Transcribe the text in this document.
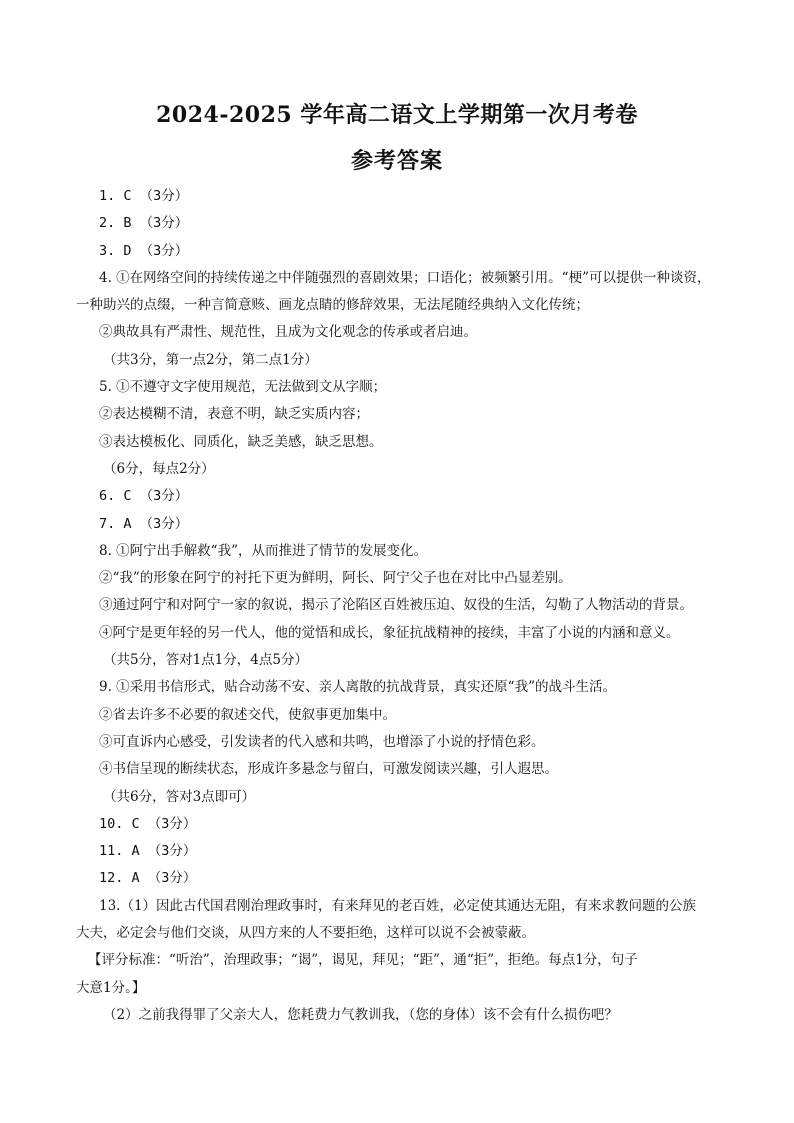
2024-2025 学年高二语文上学期第一次月考卷
参考答案
1. C （3分）
2. B （3分）
3. D （3分）
4. ①在网络空间的持续传递之中伴随强烈的喜剧效果；口语化；被频繁引用。“梗”可以提供一种谈资，
一种助兴的点缀，一种言简意赅、画龙点睛的修辞效果，无法尾随经典纳入文化传统；
②典故具有严肃性、规范性，且成为文化观念的传承或者启迪。
（共3分，第一点2分，第二点1分）
5. ①不遵守文字使用规范，无法做到文从字顺；
②表达模糊不清，表意不明，缺乏实质内容；
③表达模板化、同质化，缺乏美感，缺乏思想。
（6分，每点2分）
6. C （3分）
7. A （3分）
8. ①阿宁出手解救“我”，从而推进了情节的发展变化。
②“我”的形象在阿宁的衬托下更为鲜明，阿长、阿宁父子也在对比中凸显差别。
③通过阿宁和对阿宁一家的叙说，揭示了沦陷区百姓被压迫、奴役的生活，勾勒了人物活动的背景。
④阿宁是更年轻的另一代人，他的觉悟和成长，象征抗战精神的接续，丰富了小说的内涵和意义。
（共5分，答对1点1分，4点5分）
9. ①采用书信形式，贴合动荡不安、亲人离散的抗战背景，真实还原“我”的战斗生活。
②省去许多不必要的叙述交代，使叙事更加集中。
③可直诉内心感受，引发读者的代入感和共鸣，也增添了小说的抒情色彩。
④书信呈现的断续状态，形成许多悬念与留白，可激发阅读兴趣，引人遐思。
（共6分，答对3点即可）
10. C （3分）
11. A （3分）
12. A （3分）
13.（1）因此古代国君刚治理政事时，有来拜见的老百姓，必定使其通达无阻，有来求教问题的公族
大夫，必定会与他们交谈，从四方来的人不要拒绝，这样可以说不会被蒙蔽。
【评分标准：“听治”，治理政事；“谒”，谒见，拜见；“距”，通“拒”，拒绝。每点1分，句子
大意1分。】
（2）之前我得罪了父亲大人，您耗费力气教训我，（您的身体）该不会有什么损伤吧？
